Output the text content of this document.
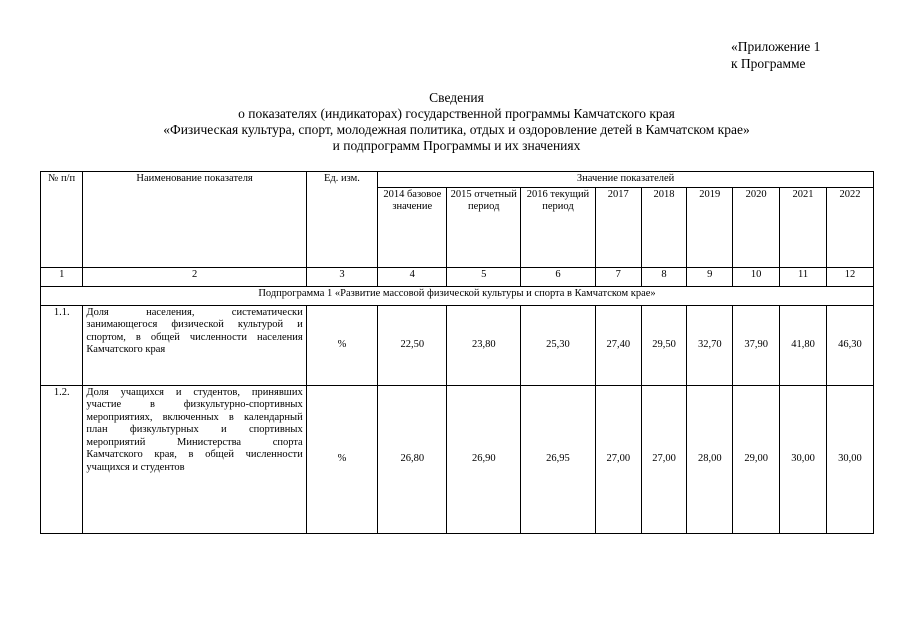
«Приложение 1
к Программе
Сведения
о показателях (индикаторах) государственной программы Камчатского края
«Физическая культура, спорт, молодежная политика, отдых и оздоровление детей в Камчатском крае»
и подпрограмм Программы и их значениях
№ п/п	Наименование показателя	Ед. изм.	Значение показателей								
			2014 базовое значение	2015 отчетный период	2016 текущий период	2017	2018	2019	2020	2021	2022
1	2	3	4	5	6	7	8	9	10	11	12
Подпрограмма 1 «Развитие массовой физической культуры и спорта в Камчатском крае»											
1.1.	Доля населения, систематически занимающегося физической культурой и спортом, в общей численности населения Камчатского края	%	22,50	23,80	25,30	27,40	29,50	32,70	37,90	41,80	46,30
1.2.	Доля учащихся и студентов, принявших участие в физкультурно-спортивных мероприятиях, включенных в календарный план физкультурных и спортивных мероприятий Министерства спорта Камчатского края, в общей численности учащихся и студентов	%	26,80	26,90	26,95	27,00	27,00	28,00	29,00	30,00	30,00
